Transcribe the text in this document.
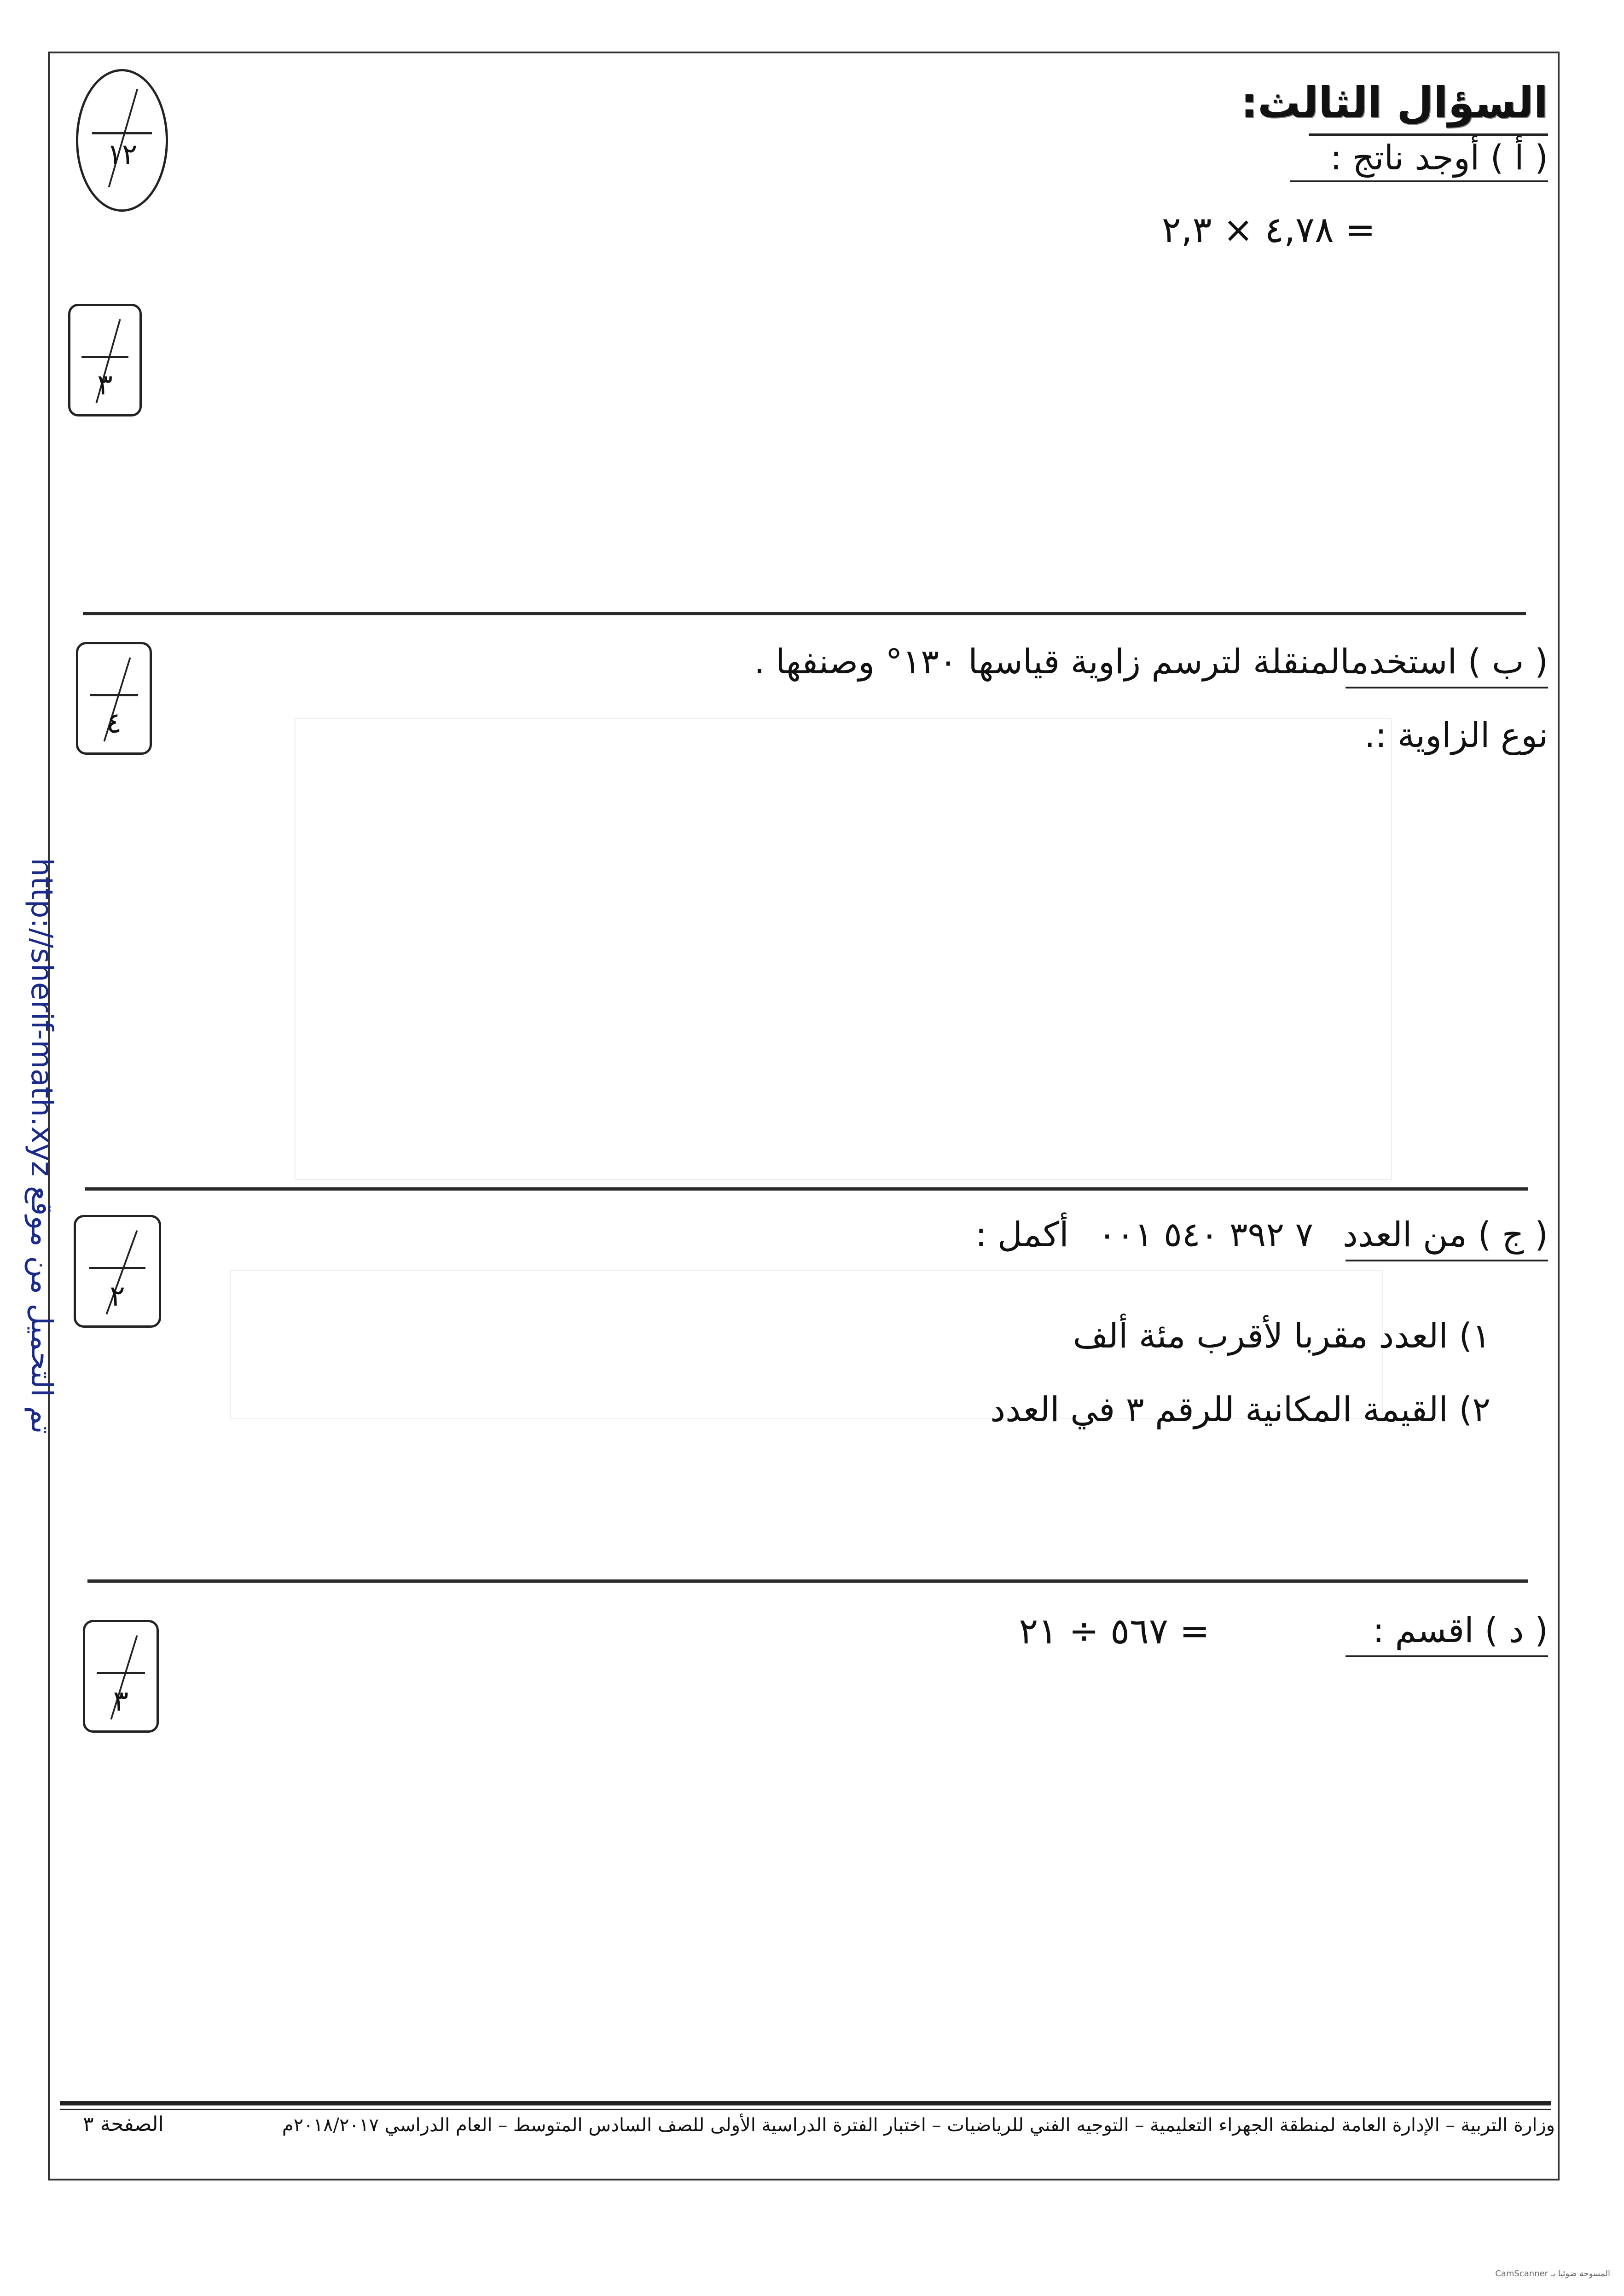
تم التحميل من موقع http://sherif-math.xyz
السؤال الثالث:
١٢	( أ ) أوجد ناتج :
٤,٧٨ × ٢,٣ =
٣
( ب ) استخدمالمنقلة لترسم زاوية قياسها ١٣٠° وصنفها .
نوع الزاوية :.
٤
( ج ) من العدد ٧ ٣٩٢ ٥٤٠ ٠٠١ أكمل :
١) العدد مقربا لأقرب مئة ألف
٢) القيمة المكانية للرقم ٣ في العدد
٢
( د ) اقسم :
٥٦٧ ÷ ٢١ =
٣
وزارة التربية – الإدارة العامة لمنطقة الجهراء التعليمية – التوجيه الفني للرياضيات – اختبار الفترة الدراسية الأولى للصف السادس المتوسط – العام الدراسي ٢٠١٨/٢٠١٧م
الصفحة ٣
CamScanner المسوحة ضوئيا بـ
